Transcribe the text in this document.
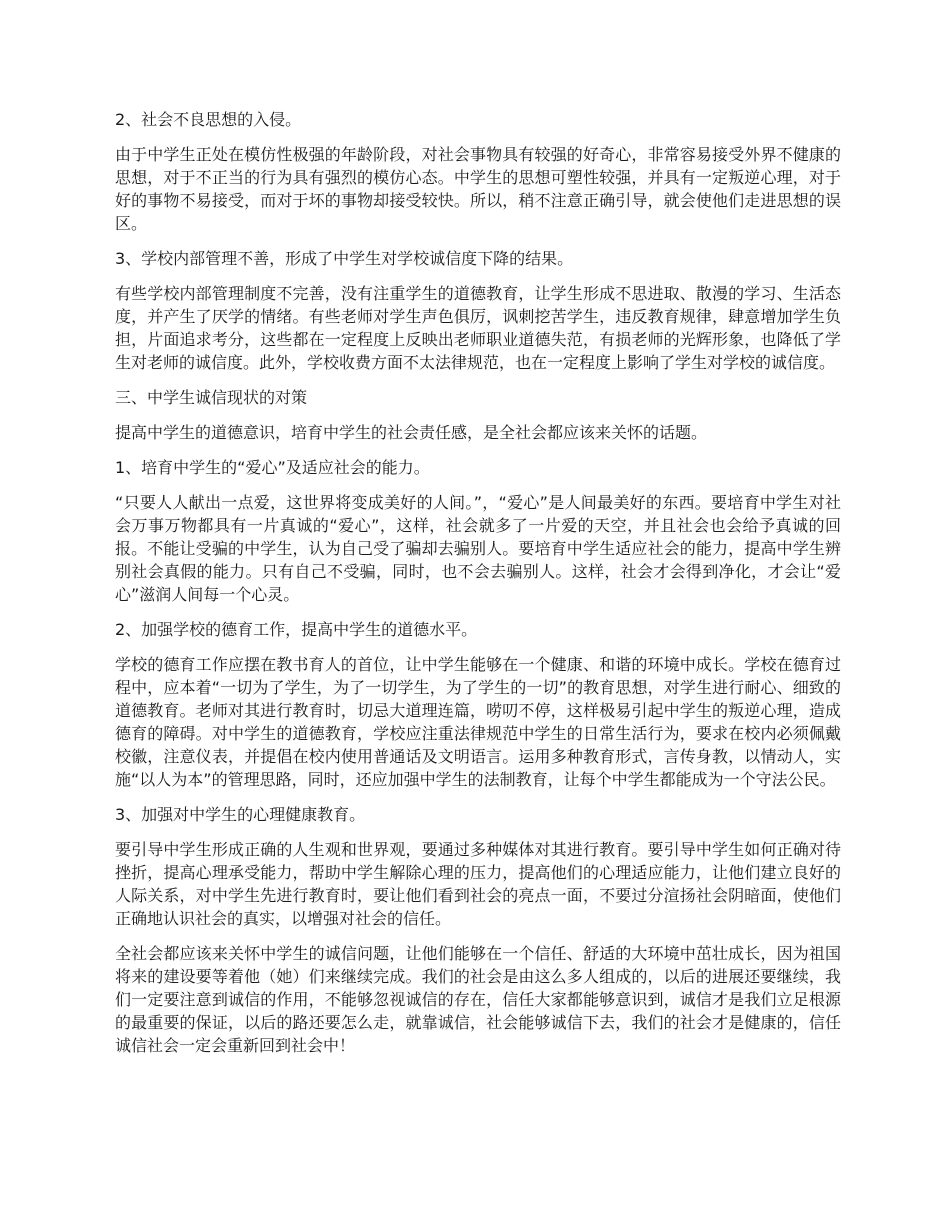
2、社会不良思想的入侵。
由于中学生正处在模仿性极强的年龄阶段，对社会事物具有较强的好奇心，非常容易接受外界不健康的思想，对于不正当的行为具有强烈的模仿心态。中学生的思想可塑性较强，并具有一定叛逆心理，对于好的事物不易接受，而对于坏的事物却接受较快。所以，稍不注意正确引导，就会使他们走进思想的误区。
3、学校内部管理不善，形成了中学生对学校诚信度下降的结果。
有些学校内部管理制度不完善，没有注重学生的道德教育，让学生形成不思进取、散漫的学习、生活态度，并产生了厌学的情绪。有些老师对学生声色俱厉，讽刺挖苦学生，违反教育规律，肆意增加学生负担，片面追求考分，这些都在一定程度上反映出老师职业道德失范，有损老师的光辉形象，也降低了学生对老师的诚信度。此外，学校收费方面不太法律规范，也在一定程度上影响了学生对学校的诚信度。
三、中学生诚信现状的对策
提高中学生的道德意识，培育中学生的社会责任感，是全社会都应该来关怀的话题。
1、培育中学生的“爱心”及适应社会的能力。
“只要人人献出一点爱，这世界将变成美好的人间。”，“爱心”是人间最美好的东西。要培育中学生对社会万事万物都具有一片真诚的“爱心”，这样，社会就多了一片爱的天空，并且社会也会给予真诚的回报。不能让受骗的中学生，认为自己受了骗却去骗别人。要培育中学生适应社会的能力，提高中学生辨别社会真假的能力。只有自己不受骗，同时，也不会去骗别人。这样，社会才会得到净化，才会让“爱心”滋润人间每一个心灵。
2、加强学校的德育工作，提高中学生的道德水平。
学校的德育工作应摆在教书育人的首位，让中学生能够在一个健康、和谐的环境中成长。学校在德育过程中，应本着“一切为了学生，为了一切学生，为了学生的一切”的教育思想，对学生进行耐心、细致的道德教育。老师对其进行教育时，切忌大道理连篇，唠叨不停，这样极易引起中学生的叛逆心理，造成德育的障碍。对中学生的道德教育，学校应注重法律规范中学生的日常生活行为，要求在校内必须佩戴校徽，注意仪表，并提倡在校内使用普通话及文明语言。运用多种教育形式，言传身教，以情动人，实施“以人为本”的管理思路，同时，还应加强中学生的法制教育，让每个中学生都能成为一个守法公民。
3、加强对中学生的心理健康教育。
要引导中学生形成正确的人生观和世界观，要通过多种媒体对其进行教育。要引导中学生如何正确对待挫折，提高心理承受能力，帮助中学生解除心理的压力，提高他们的心理适应能力，让他们建立良好的人际关系，对中学生先进行教育时，要让他们看到社会的亮点一面，不要过分渲扬社会阴暗面，使他们正确地认识社会的真实，以增强对社会的信任。
全社会都应该来关怀中学生的诚信问题，让他们能够在一个信任、舒适的大环境中茁壮成长，因为祖国将来的建设要等着他（她）们来继续完成。我们的社会是由这么多人组成的，以后的进展还要继续，我们一定要注意到诚信的作用，不能够忽视诚信的存在，信任大家都能够意识到，诚信才是我们立足根源的最重要的保证，以后的路还要怎么走，就靠诚信，社会能够诚信下去，我们的社会才是健康的，信任诚信社会一定会重新回到社会中！
